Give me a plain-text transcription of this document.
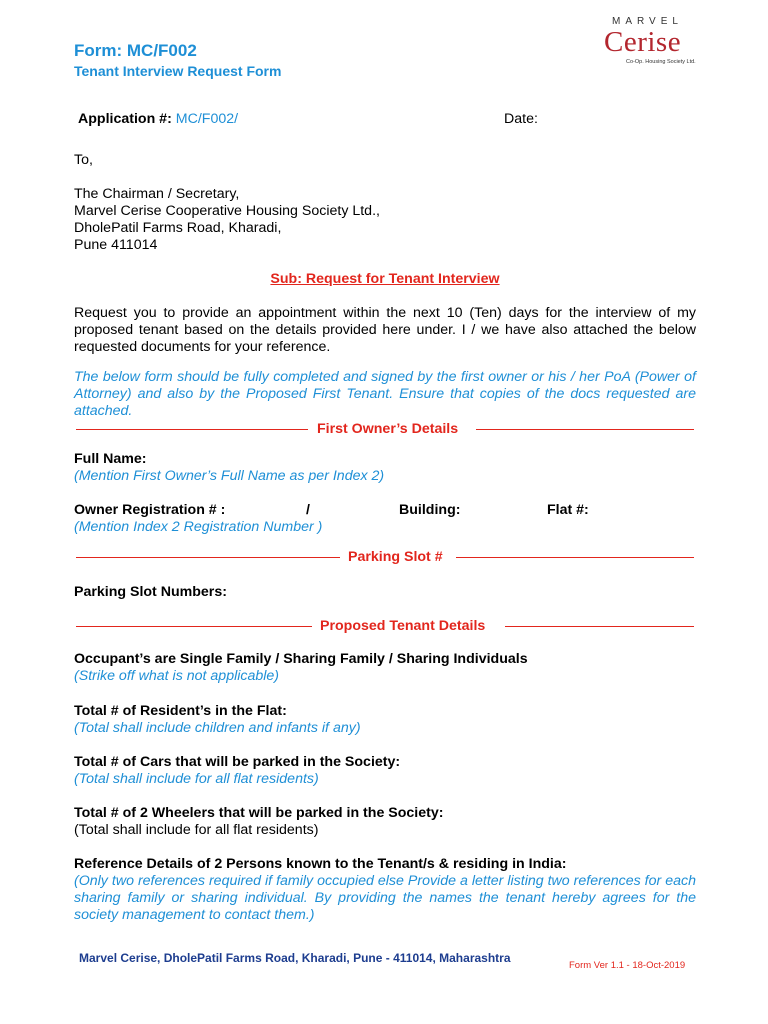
Form: MC/F002
Tenant Interview Request Form
MARVEL
Cerise
Co-Op. Housing Society Ltd.
Application #: MC/F002/	Date:
To,
The Chairman / Secretary,
Marvel Cerise Cooperative Housing Society Ltd.,
DholePatil Farms Road, Kharadi,
Pune 411014
Sub: Request for Tenant Interview
Request you to provide an appointment within the next 10 (Ten) days for the interview of my proposed tenant based on the details provided here under. I / we have also attached the below requested documents for your reference.
The below form should be fully completed and signed by the first owner or his / her PoA (Power of Attorney) and also by the Proposed First Tenant. Ensure that copies of the docs requested are attached.
First Owner’s Details
Full Name:
(Mention First Owner’s Full Name as per Index 2)
Owner Registration # :	/	Building:	Flat #:
(Mention Index 2 Registration Number )
Parking Slot #
Parking Slot Numbers:
Proposed Tenant Details
Occupant’s are Single Family / Sharing Family / Sharing Individuals
(Strike off what is not applicable)
Total # of Resident’s in the Flat:
(Total shall include children and infants if any)
Total # of Cars that will be parked in the Society:
(Total shall include for all flat residents)
Total # of 2 Wheelers that will be parked in the Society:
(Total shall include for all flat residents)
Reference Details of 2 Persons known to the Tenant/s & residing in India:
(Only two references required if family occupied else Provide a letter listing two references for each sharing family or sharing individual. By providing the names the tenant hereby agrees for the society management to contact them.)
Marvel Cerise, DholePatil Farms Road, Kharadi, Pune - 411014, Maharashtra
Form Ver 1.1 - 18-Oct-2019
